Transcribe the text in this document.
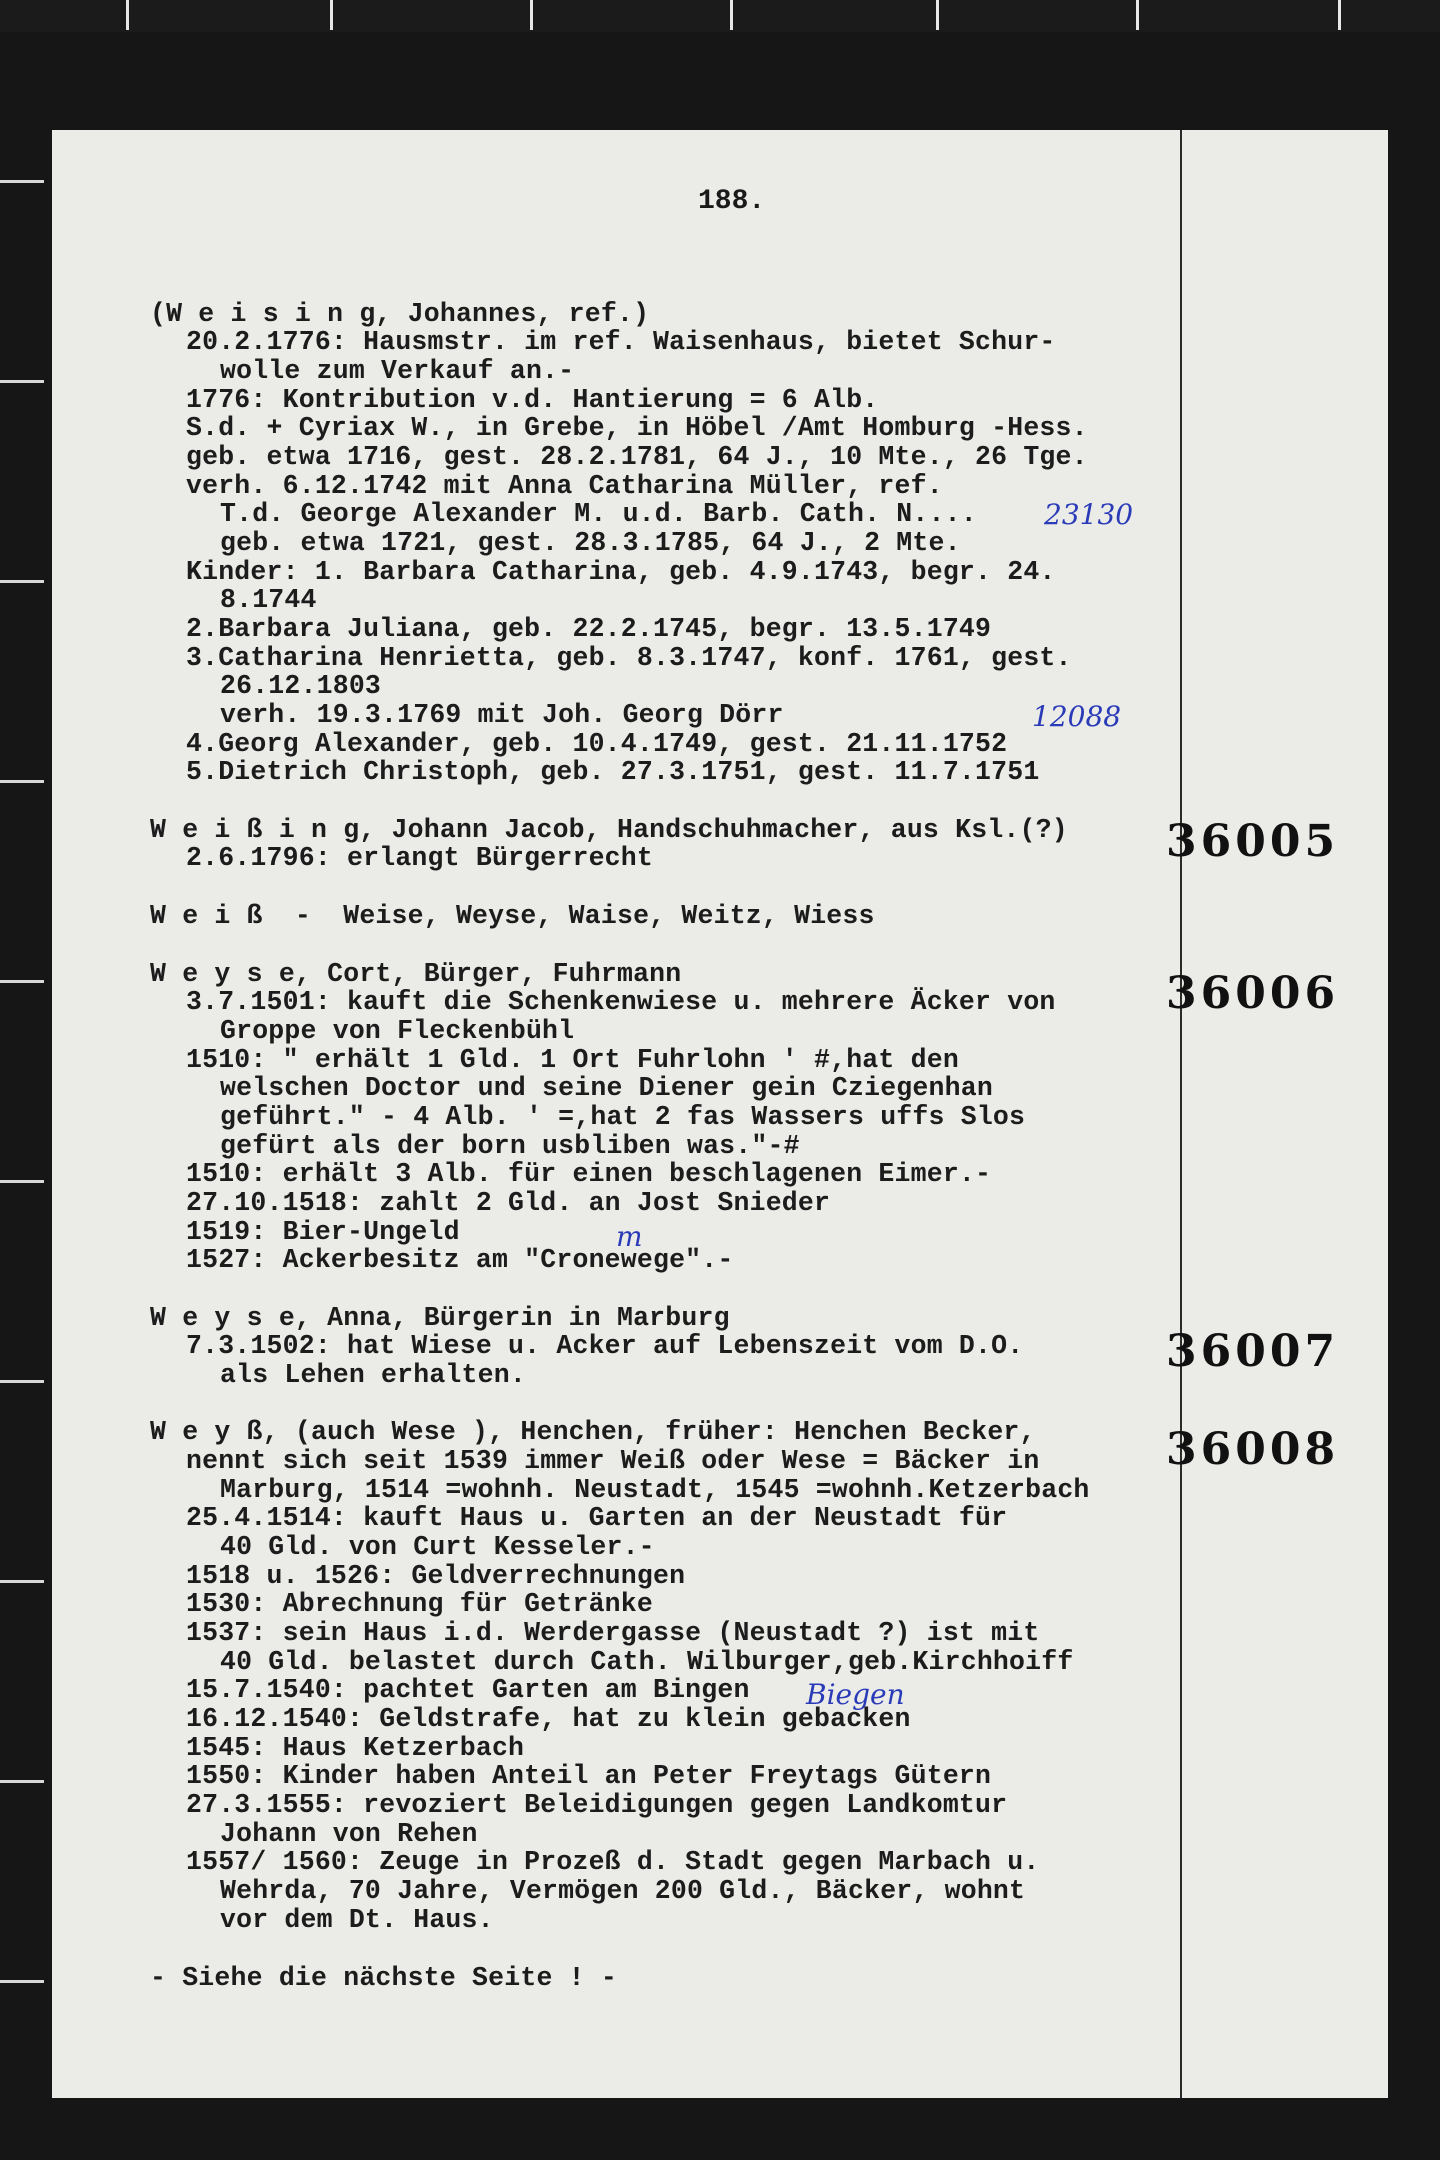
188.
(W e i s i n g, Johannes, ref.)
20.2.1776: Hausmstr. im ref. Waisenhaus, bietet Schur-
wolle zum Verkauf an.-
1776: Kontribution v.d. Hantierung = 6 Alb.
S.d. + Cyriax W., in Grebe, in Höbel /Amt Homburg -Hess.
geb. etwa 1716, gest. 28.2.1781, 64 J., 10 Mte., 26 Tge.
verh. 6.12.1742 mit Anna Catharina Müller, ref.
T.d. George Alexander M. u.d. Barb. Cath. N....
geb. etwa 1721, gest. 28.3.1785, 64 J., 2 Mte.
Kinder: 1. Barbara Catharina, geb. 4.9.1743, begr. 24.
8.1744
2.Barbara Juliana, geb. 22.2.1745, begr. 13.5.1749
3.Catharina Henrietta, geb. 8.3.1747, konf. 1761, gest.
26.12.1803
verh. 19.3.1769 mit Joh. Georg Dörr
4.Georg Alexander, geb. 10.4.1749, gest. 21.11.1752
5.Dietrich Christoph, geb. 27.3.1751, gest. 11.7.1751
W e i ß i n g, Johann Jacob, Handschuhmacher, aus Ksl.(?)
2.6.1796: erlangt Bürgerrecht
W e i ß  -  Weise, Weyse, Waise, Weitz, Wiess
W e y s e, Cort, Bürger, Fuhrmann
3.7.1501: kauft die Schenkenwiese u. mehrere Äcker von
Groppe von Fleckenbühl
1510: " erhält 1 Gld. 1 Ort Fuhrlohn ' #,hat den
welschen Doctor und seine Diener gein Cziegenhan
geführt." - 4 Alb. ' =,hat 2 fas Wassers uffs Slos
gefürt als der born usbliben was."-#
1510: erhält 3 Alb. für einen beschlagenen Eimer.-
27.10.1518: zahlt 2 Gld. an Jost Snieder
1519: Bier-Ungeld
1527: Ackerbesitz am "Cronewege".-
W e y s e, Anna, Bürgerin in Marburg
7.3.1502: hat Wiese u. Acker auf Lebenszeit vom D.O.
als Lehen erhalten.
W e y ß, (auch Wese ), Henchen, früher: Henchen Becker,
nennt sich seit 1539 immer Weiß oder Wese = Bäcker in
Marburg, 1514 =wohnh. Neustadt, 1545 =wohnh.Ketzerbach
25.4.1514: kauft Haus u. Garten an der Neustadt für
40 Gld. von Curt Kesseler.-
1518 u. 1526: Geldverrechnungen
1530: Abrechnung für Getränke
1537: sein Haus i.d. Werdergasse (Neustadt ?) ist mit
40 Gld. belastet durch Cath. Wilburger,geb.Kirchhoiff
15.7.1540: pachtet Garten am Bingen
16.12.1540: Geldstrafe, hat zu klein gebacken
1545: Haus Ketzerbach
1550: Kinder haben Anteil an Peter Freytags Gütern
27.3.1555: revoziert Beleidigungen gegen Landkomtur
Johann von Rehen
1557/ 1560: Zeuge in Prozeß d. Stadt gegen Marbach u.
Wehrda, 70 Jahre, Vermögen 200 Gld., Bäcker, wohnt
vor dem Dt. Haus.
- Siehe die nächste Seite ! -
23130
12088
Biegen
m
36005
36006
36007
36008
